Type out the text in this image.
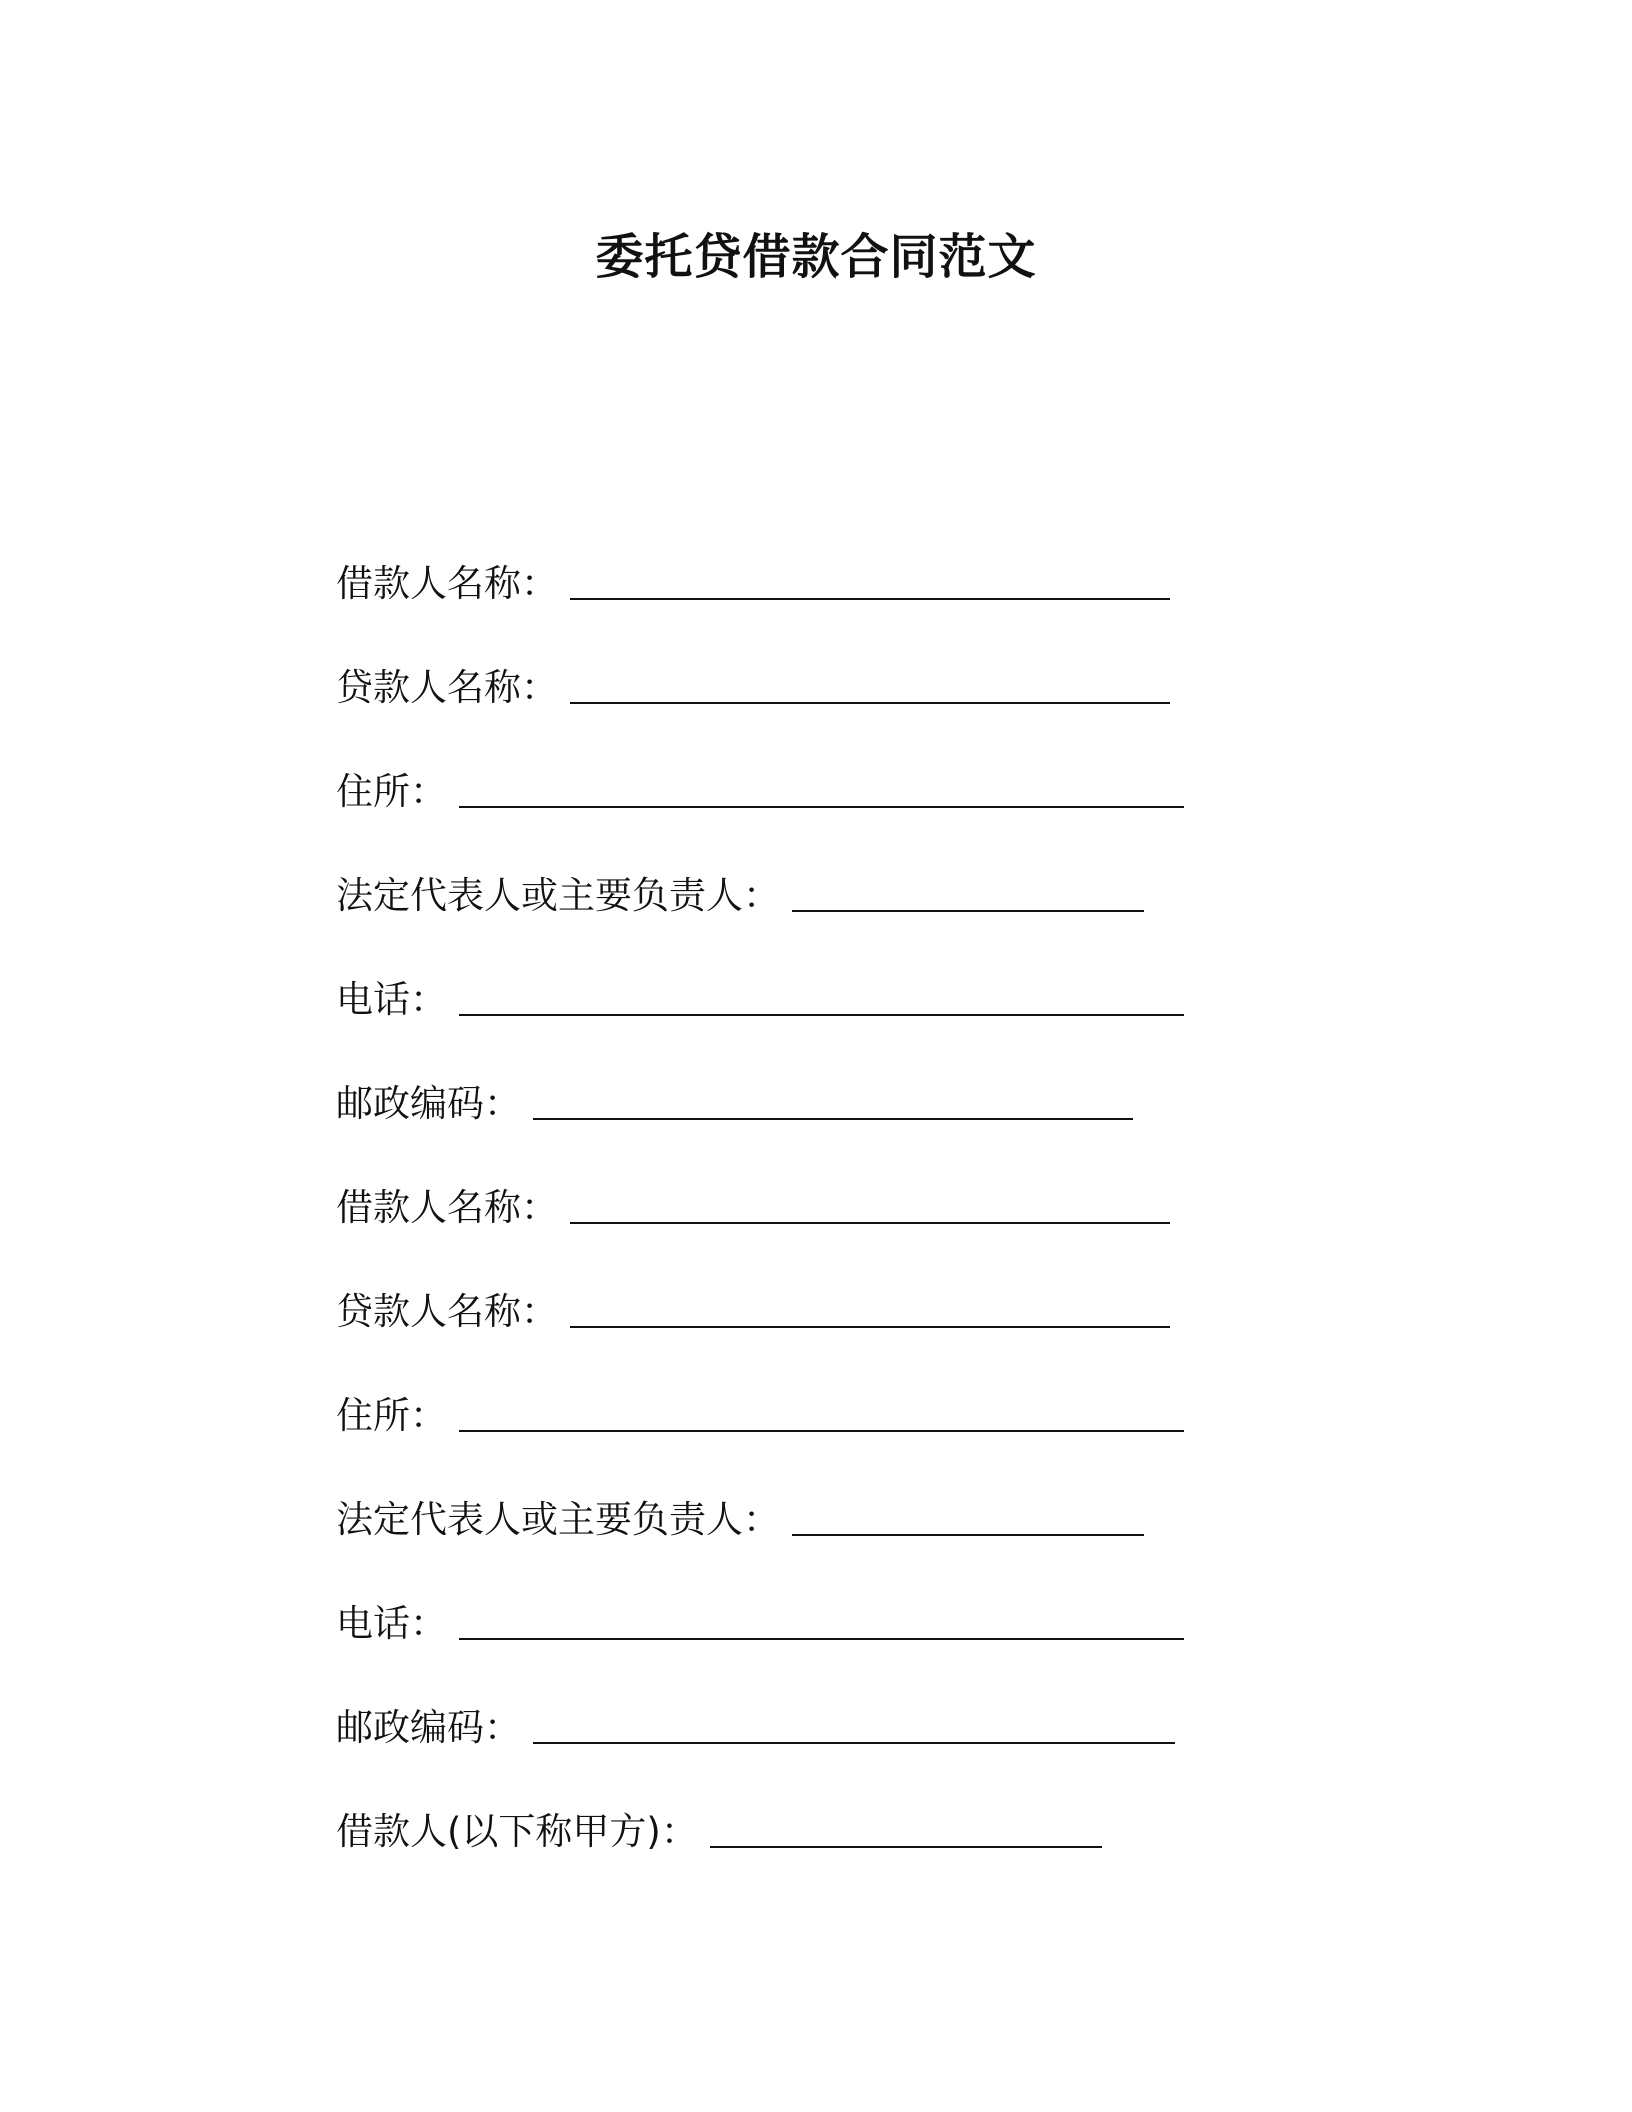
委托贷借款合同范文
借款人名称 ：
贷款人名称 ：
住所 ：
法定代表人或主要负责人 ：
电话 ：
邮政编码 ：
借款人名称 ：
贷款人名称 ：
住所 ：
法定代表人或主要负责人 ：
电话 ：
邮政编码 ：
借款人(以下称甲方) ：
